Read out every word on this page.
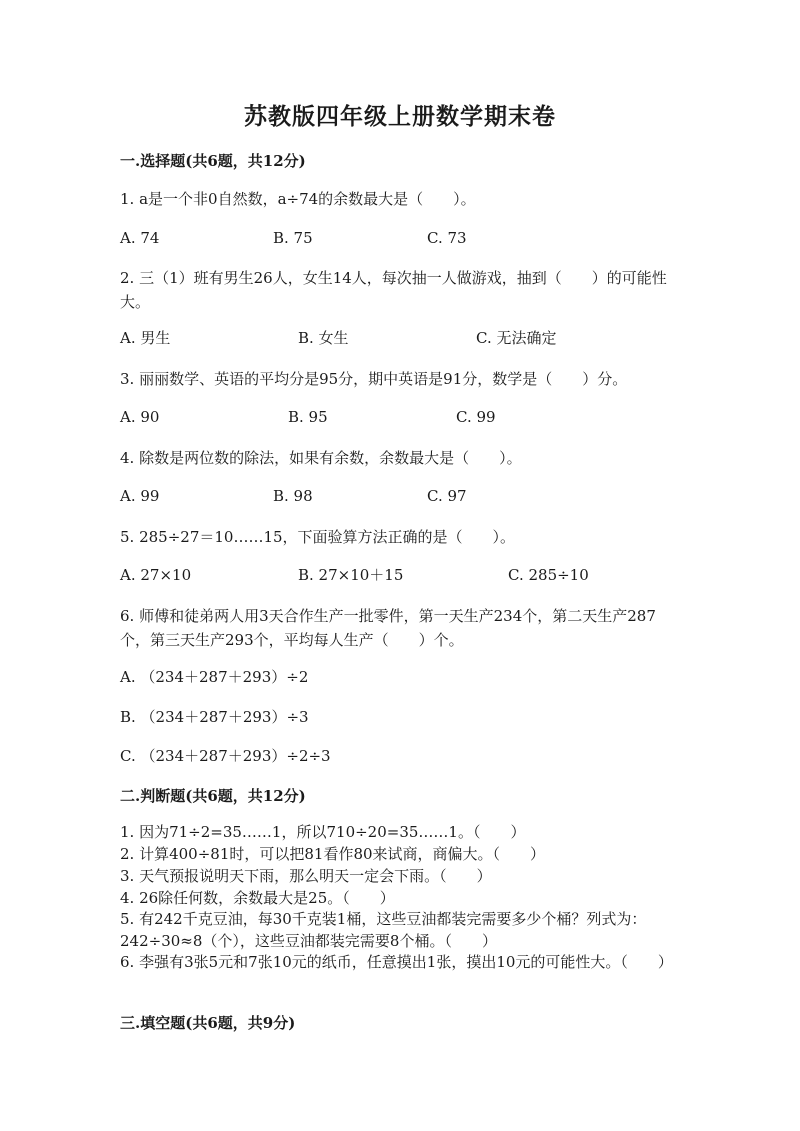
苏教版四年级上册数学期末卷
一.选择题(共6题，共12分)
1. a是一个非0自然数，a÷74的余数最大是（　　）。
A. 74	B. 75	C. 73
2. 三（1）班有男生26人，女生14人，每次抽一人做游戏，抽到（　　）的可能性大。
A. 男生	B. 女生	C. 无法确定
3. 丽丽数学、英语的平均分是95分，期中英语是91分，数学是（　　）分。
A. 90	B. 95	C. 99
4. 除数是两位数的除法，如果有余数，余数最大是（　　）。
A. 99	B. 98	C. 97
5. 285÷27＝10……15，下面验算方法正确的是（　　）。
A. 27×10	B. 27×10＋15	C. 285÷10
6. 师傅和徒弟两人用3天合作生产一批零件，第一天生产234个，第二天生产287个，第三天生产293个，平均每人生产（　　）个。
A. （234＋287＋293）÷2
B. （234＋287＋293）÷3
C. （234＋287＋293）÷2÷3
二.判断题(共6题，共12分)
1. 因为71÷2=35……1，所以710÷20=35……1。（　　）
2. 计算400÷81时，可以把81看作80来试商，商偏大。（　　）
3. 天气预报说明天下雨，那么明天一定会下雨。（　　）
4. 26除任何数，余数最大是25。（　　）
5. 有242千克豆油，每30千克装1桶，这些豆油都装完需要多少个桶？列式为：242÷30≈8（个），这些豆油都装完需要8个桶。（　　）
6. 李强有3张5元和7张10元的纸币，任意摸出1张，摸出10元的可能性大。（　　）
三.填空题(共6题，共9分)
